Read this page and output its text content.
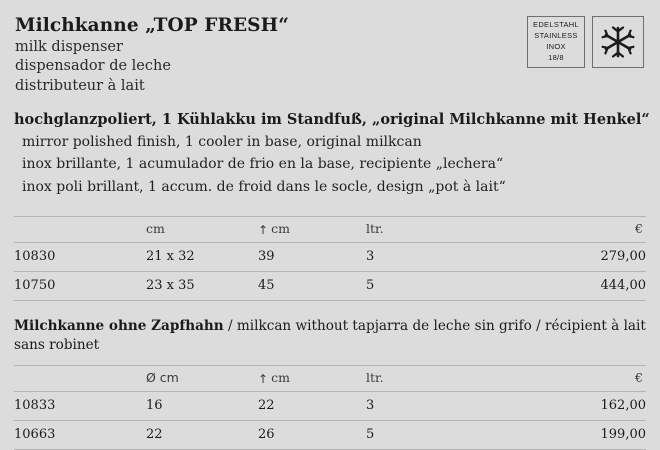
Milchkanne „TOP FRESH“
milk dispenser
dispensador de leche
distributeur à lait
EDELSTAHL
STAINLESS
INOX
18/8
hochglanzpoliert, 1 Kühlakku im Standfuß, „original Milchkanne mit Henkel“
mirror polished finish, 1 cooler in base, original milkcan
inox brillante, 1 acumulador de frio en la base, recipiente „lechera“
inox poli brillant, 1 accum. de froid dans le socle, design „pot à lait“
	cm	↑ cm	ltr.	€
10830	21 x 32	39	3	279,00
10750	23 x 35	45	5	444,00
Milchkanne ohne Zapfhahn / milkcan without tapjarra de leche sin grifo / récipient à lait sans robinet
	Ø cm	↑ cm	ltr.	€
10833	16	22	3	162,00
10663	22	26	5	199,00
